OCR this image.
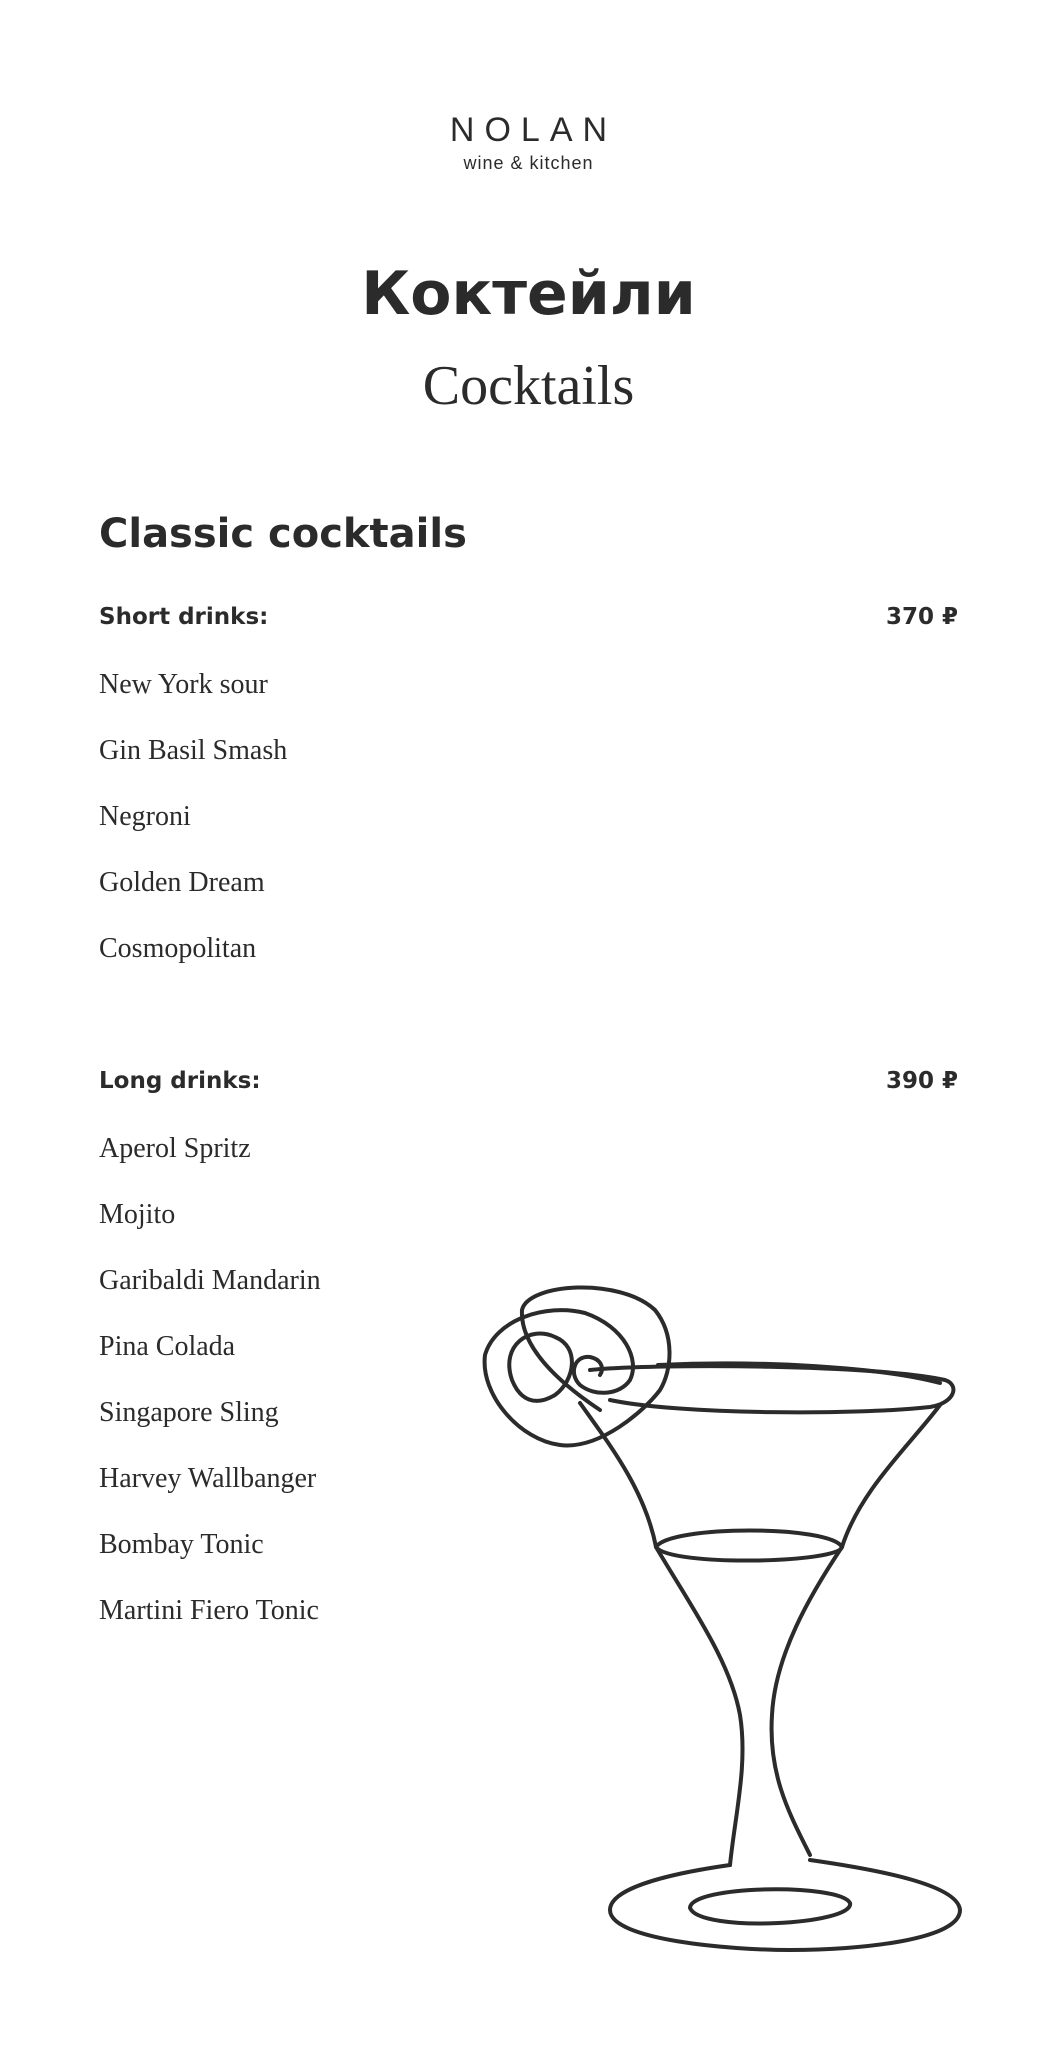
NOLAN
wine & kitchen
Коктейли
Cocktails
Classic cocktails
Short drinks:	370 ₽
New York sour
Gin Basil Smash
Negroni
Golden Dream
Cosmopolitan
Long drinks:	390 ₽
Aperol Spritz
Mojito
Garibaldi Mandarin
Pina Colada
Singapore Sling
Harvey Wallbanger
Bombay Tonic
Martini Fiero Tonic
